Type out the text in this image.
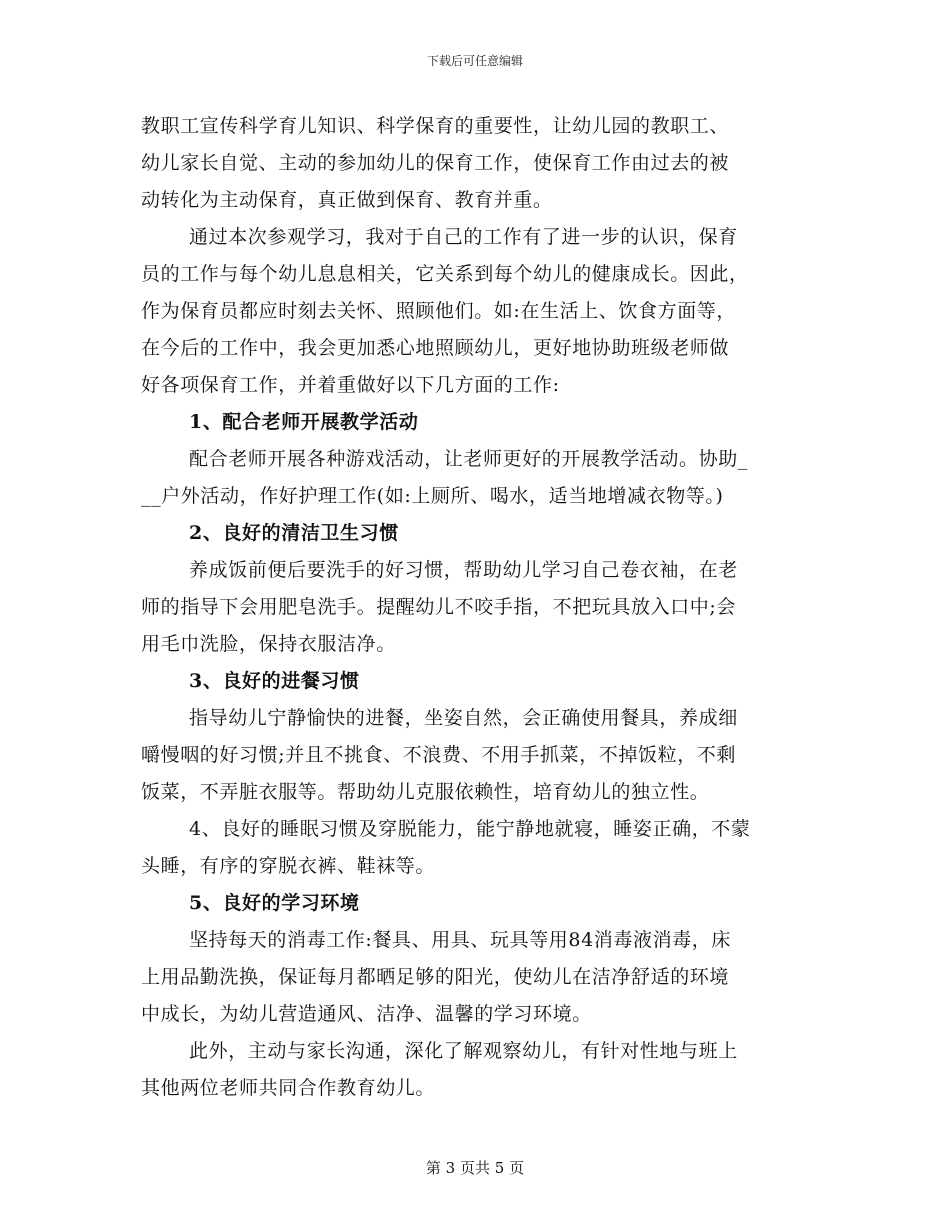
下载后可任意编辑
教职工宣传科学育儿知识、科学保育的重要性，让幼儿园的教职工、
幼儿家长自觉、主动的参加幼儿的保育工作，使保育工作由过去的被
动转化为主动保育，真正做到保育、教育并重。
通过本次参观学习，我对于自己的工作有了进一步的认识，保育
员的工作与每个幼儿息息相关，它关系到每个幼儿的健康成长。因此，
作为保育员都应时刻去关怀、照顾他们。如:在生活上、饮食方面等，
在今后的工作中，我会更加悉心地照顾幼儿，更好地协助班级老师做
好各项保育工作，并着重做好以下几方面的工作:
1、配合老师开展教学活动
配合老师开展各种游戏活动，让老师更好的开展教学活动。协助_
__户外活动，作好护理工作(如:上厕所、喝水，适当地增减衣物等。)
2、良好的清洁卫生习惯
养成饭前便后要洗手的好习惯，帮助幼儿学习自己卷衣袖，在老
师的指导下会用肥皂洗手。提醒幼儿不咬手指，不把玩具放入口中;会
用毛巾洗脸，保持衣服洁净。
3、良好的进餐习惯
指导幼儿宁静愉快的进餐，坐姿自然，会正确使用餐具，养成细
嚼慢咽的好习惯;并且不挑食、不浪费、不用手抓菜，不掉饭粒，不剩
饭菜，不弄脏衣服等。帮助幼儿克服依赖性，培育幼儿的独立性。
4、良好的睡眠习惯及穿脱能力，能宁静地就寝，睡姿正确，不蒙
头睡，有序的穿脱衣裤、鞋袜等。
5、良好的学习环境
坚持每天的消毒工作:餐具、用具、玩具等用84消毒液消毒，床
上用品勤洗换，保证每月都晒足够的阳光，使幼儿在洁净舒适的环境
中成长，为幼儿营造通风、洁净、温馨的学习环境。
此外，主动与家长沟通，深化了解观察幼儿，有针对性地与班上
其他两位老师共同合作教育幼儿。
第 3 页共 5 页
